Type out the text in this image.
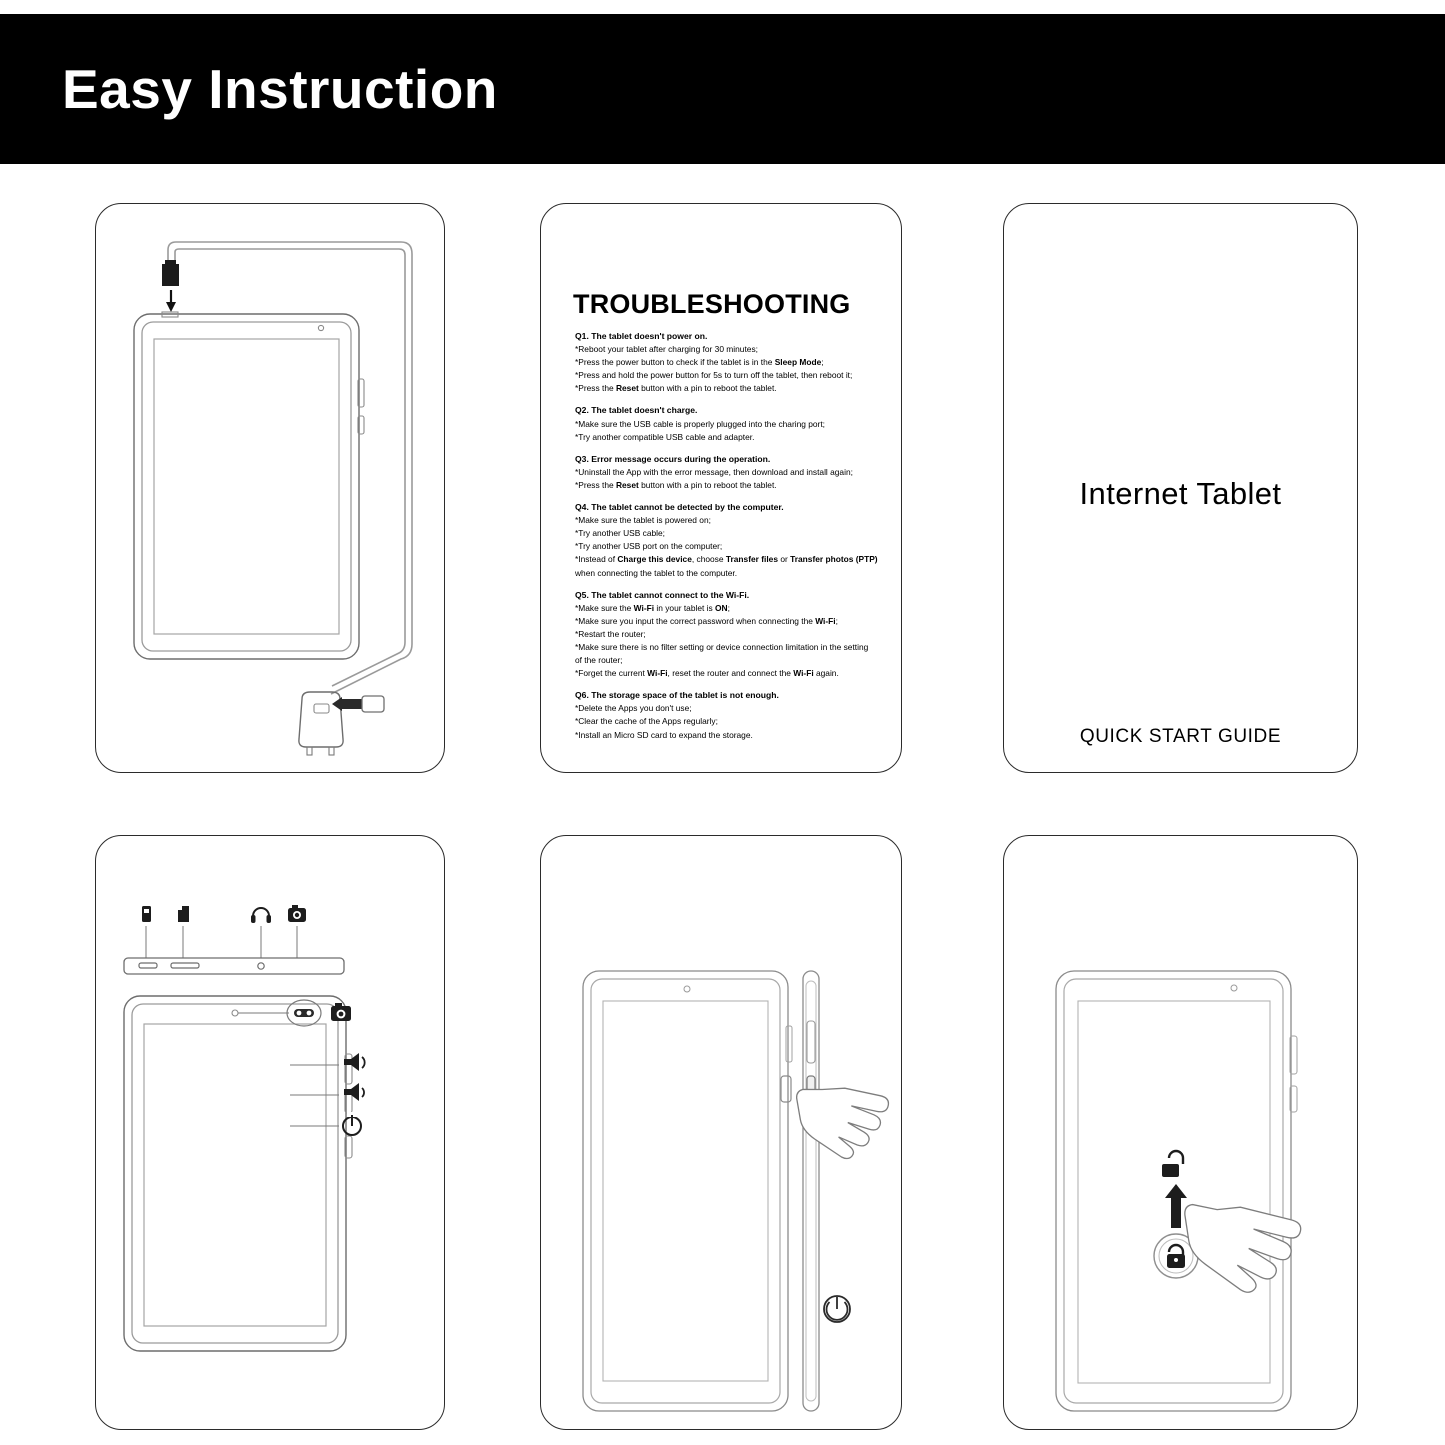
Easy Instruction
TROUBLESHOOTING
Q1. The tablet doesn't power on.
*Reboot your tablet after charging for 30 minutes;
*Press the power button to check if the tablet is in the Sleep Mode;
*Press and hold the power button for 5s to turn off the tablet, then reboot it;
*Press the Reset button with a pin to reboot the tablet.
Q2. The tablet doesn't charge.
*Make sure the USB cable is properly plugged into the charing port;
*Try another compatible USB cable and adapter.
Q3. Error message occurs during the operation.
*Uninstall the App with the error message, then download and install again;
*Press the Reset button with a pin to reboot the tablet.
Q4. The tablet cannot be detected by the computer.
*Make sure the tablet is powered on;
*Try another USB cable;
*Try another USB port on the computer;
*Instead of Charge this device, choose Transfer files or Transfer photos (PTP)
when connecting the tablet to the computer.
Q5. The tablet cannot connect to the Wi-Fi.
*Make sure the Wi-Fi in your tablet is ON;
*Make sure you input the correct password when connecting the Wi-Fi;
*Restart the router;
*Make sure there is no filter setting or device connection limitation in the setting
of the router;
*Forget the current Wi-Fi, reset the router and connect the Wi-Fi again.
Q6. The storage space of the tablet is not enough.
*Delete the Apps you don't use;
*Clear the cache of the Apps regularly;
*Install an Micro SD card to expand the storage.
Internet Tablet
QUICK START GUIDE
